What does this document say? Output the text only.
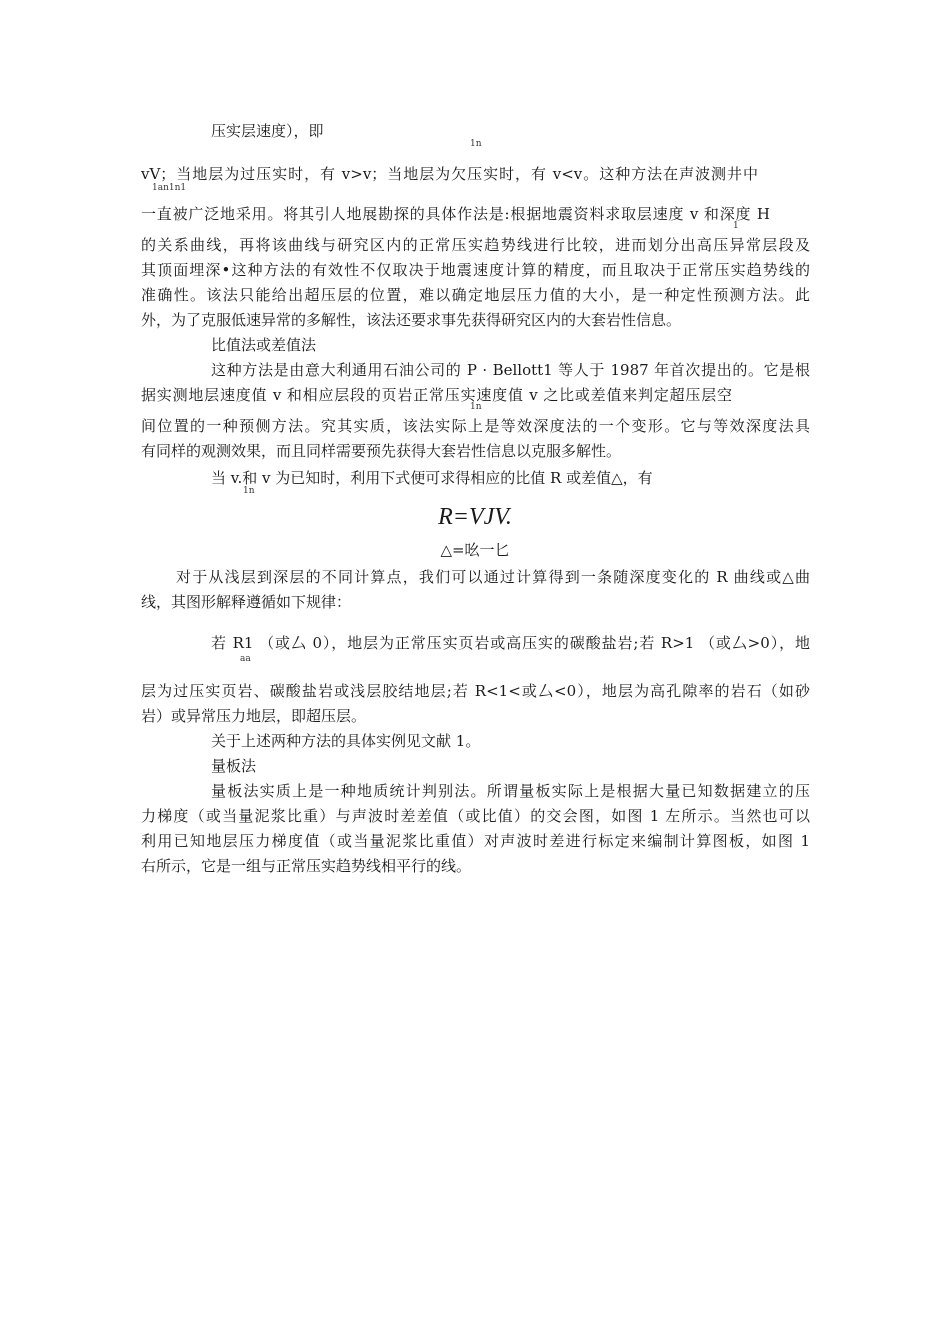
压实层速度），即
1n
vV；当地层为过压实时，有 v>v；当地层为欠压实时，有 v<v。这种方法在声波测井中
1an1n1
一直被广泛地采用。将其引人地展勘探的具体作法是:根据地震资料求取层速度 v 和深度 H
1
的关系曲线，再将该曲线与研究区内的正常压实趋势线进行比较，进而划分出高压异常层段及
其顶面埋深•这种方法的有效性不仅取决于地震速度计算的精度，而且取决于正常压实趋势线的
准确性。该法只能给出超压层的位置，难以确定地层压力值的大小，是一种定性预测方法。此
外，为了克服低速异常的多解性，该法还要求事先获得研究区内的大套岩性信息。
比值法或差值法
这种方法是由意大利通用石油公司的 P · Bellott1 等人于 1987 年首次提出的。它是根
据实测地层速度值 v 和相应层段的页岩正常压实速度值 v 之比或差值来判定超压层空
1n
间位置的一种预侧方法。究其实质，该法实际上是等效深度法的一个变形。它与等效深度法具
有同样的观测效果，而且同样需要预先获得大套岩性信息以克服多解性。
当 v.和 v 为已知时，利用下式便可求得相应的比值 R 或差值△，有
1n
R=VJV.
△=吆一匕
对于从浅层到深层的不同计算点，我们可以通过计算得到一条随深度变化的 R 曲线或△曲
线，其图形解释遵循如下规律：
若 R1 （或厶 0），地层为正常压实页岩或高压实的碳酸盐岩;若 R>1 （或厶>0），地
aa
层为过压实页岩、碳酸盐岩或浅层胶结地层;若 R<1<或厶<0），地层为高孔隙率的岩石（如砂
岩）或异常压力地层，即超压层。
关于上述两种方法的具体实例见文献 1。
量板法
量板法实质上是一种地质统计判别法。所谓量板实际上是根据大量已知数据建立的压
力梯度（或当量泥浆比重）与声波时差差值（或比值）的交会图，如图 1 左所示。当然也可以
利用已知地层压力梯度值（或当量泥浆比重值）对声波时差进行标定来编制计算图板，如图 1
右所示，它是一组与正常压实趋势线相平行的线。
